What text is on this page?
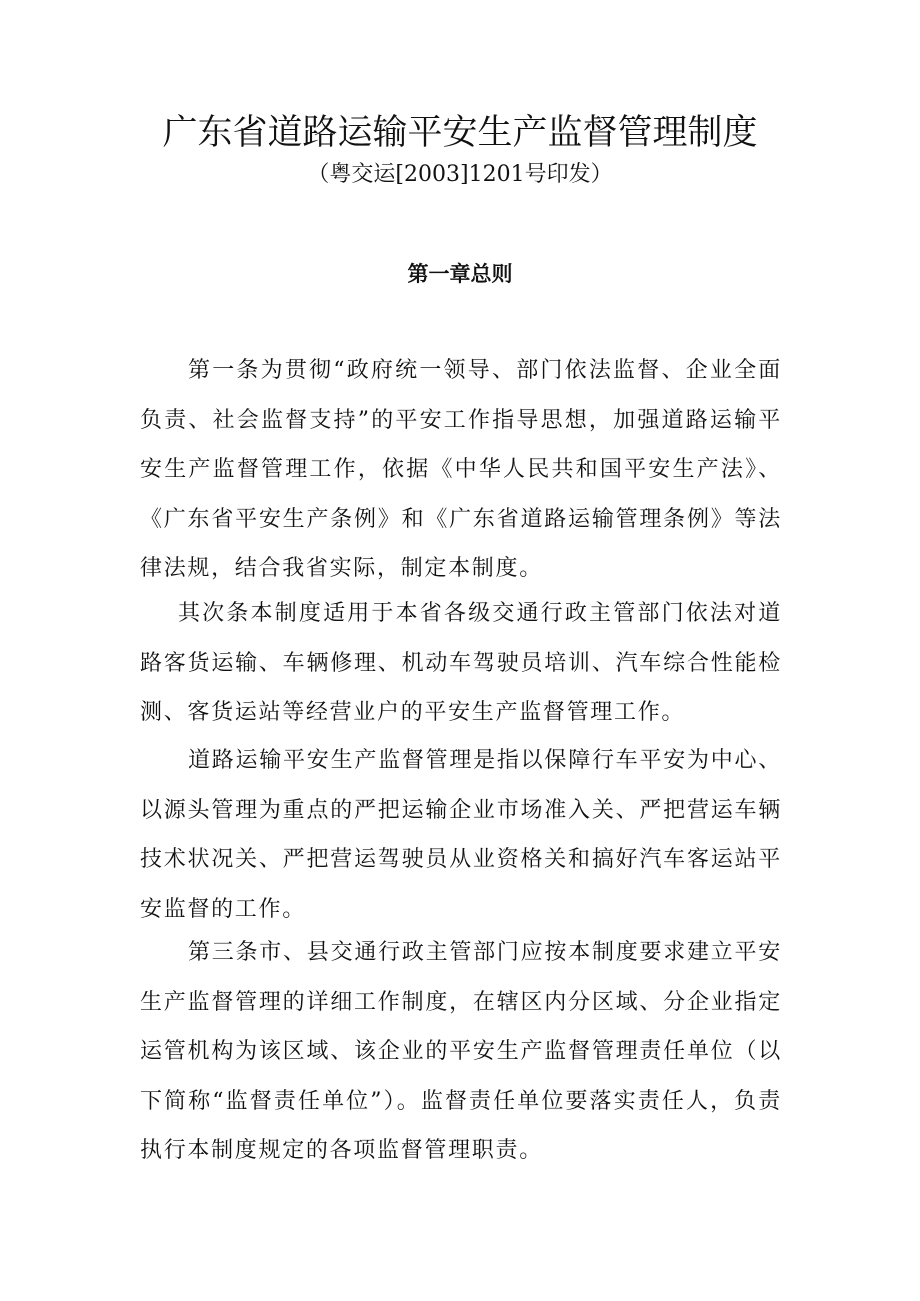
广东省道路运输平安生产监督管理制度
（粤交运[2003]1201号印发）
第一章总则

第一条为贯彻“政府统一领导、部门依法监督、企业全面负责、社会监督支持”的平安工作指导思想，加强道路运输平安生产监督管理工作，依据《中华人民共和国平安生产法》、《广东省平安生产条例》和《广东省道路运输管理条例》等法律法规，结合我省实际，制定本制度。

其次条本制度适用于本省各级交通行政主管部门依法对道路客货运输、车辆修理、机动车驾驶员培训、汽车综合性能检测、客货运站等经营业户的平安生产监督管理工作。

道路运输平安生产监督管理是指以保障行车平安为中心、以源头管理为重点的严把运输企业市场准入关、严把营运车辆技术状况关、严把营运驾驶员从业资格关和搞好汽车客运站平安监督的工作。

第三条市、县交通行政主管部门应按本制度要求建立平安生产监督管理的详细工作制度，在辖区内分区域、分企业指定运管机构为该区域、该企业的平安生产监督管理责任单位（以下简称“监督责任单位”）。监督责任单位要落实责任人，负责执行本制度规定的各项监督管理职责。
